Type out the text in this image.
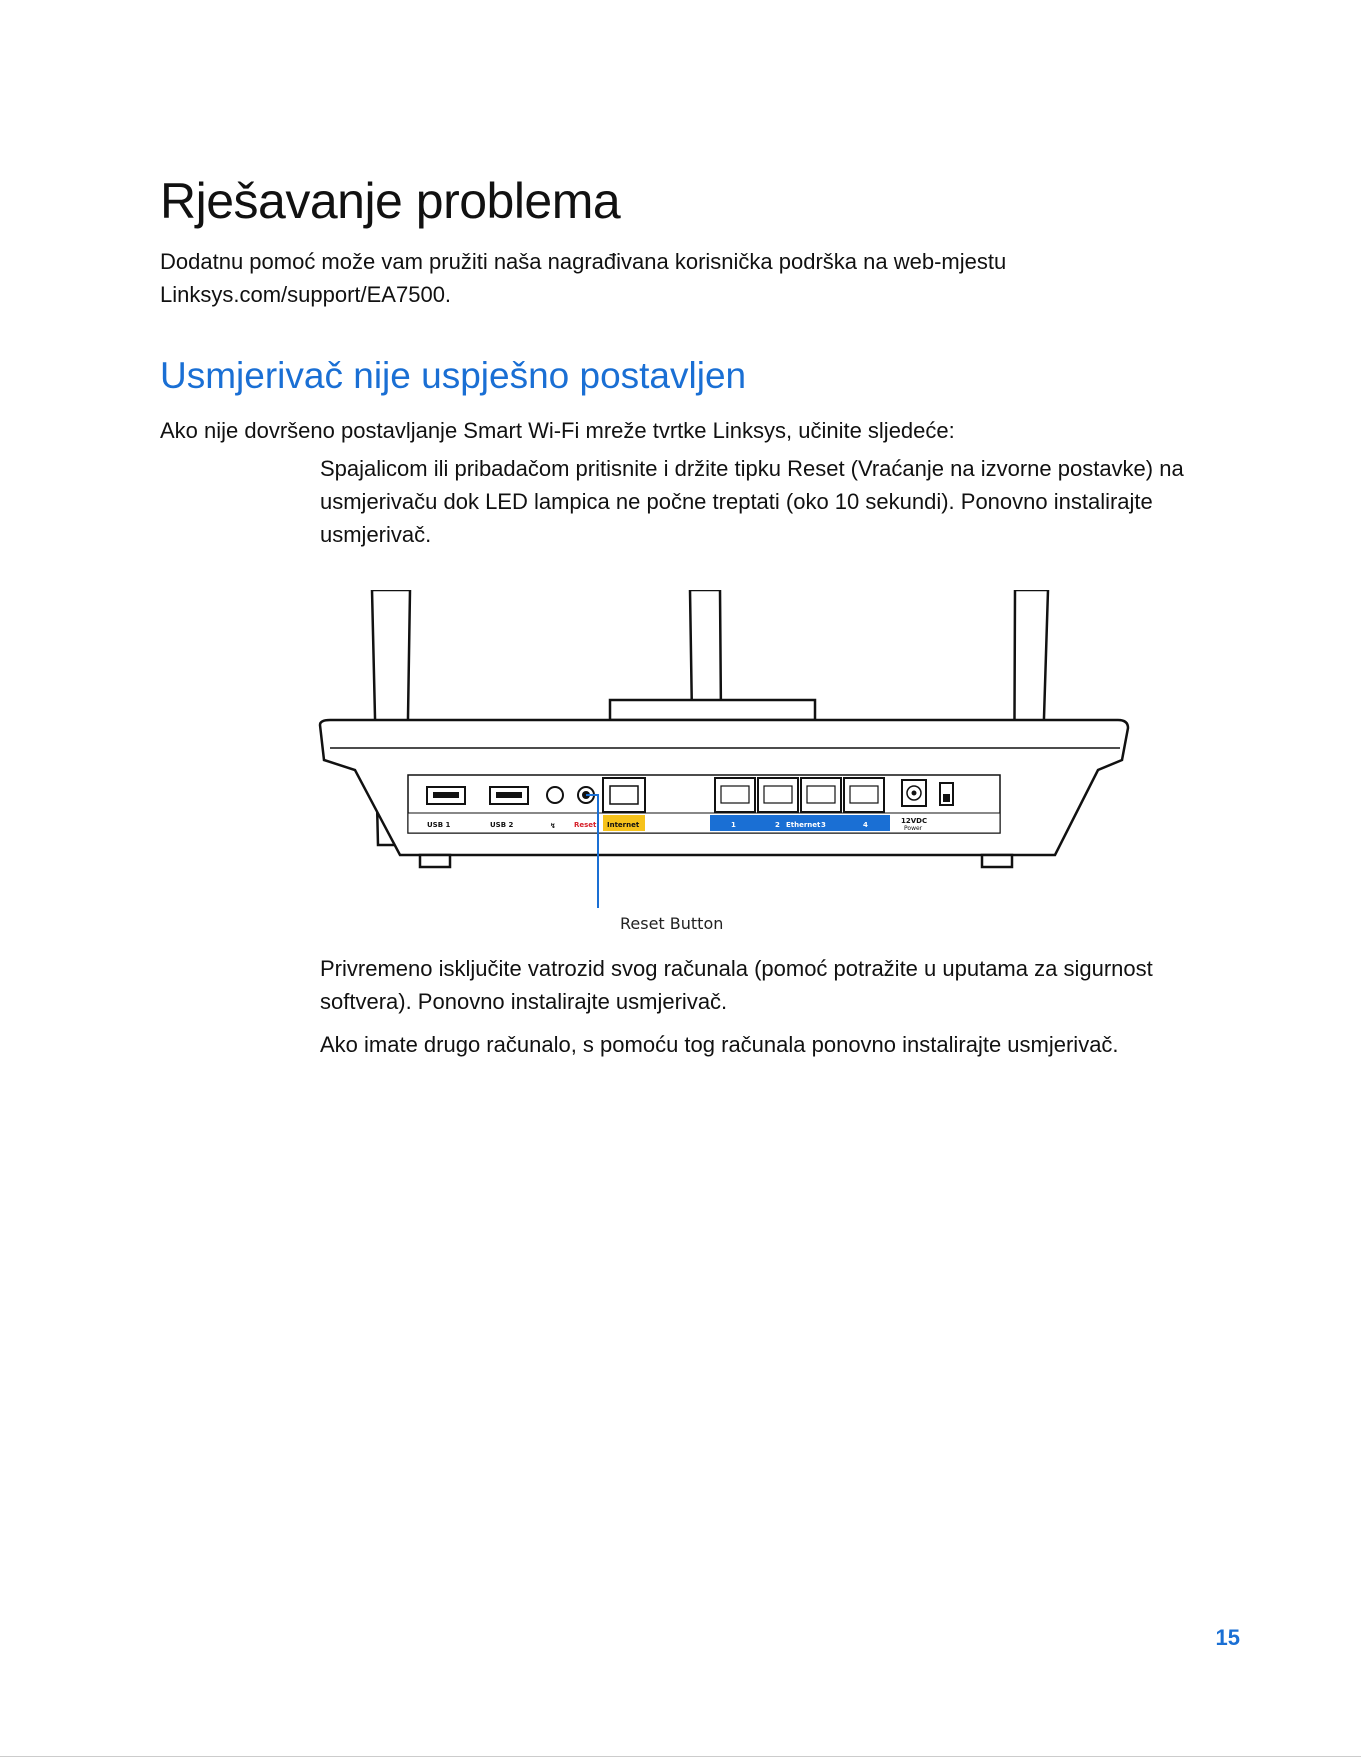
Rješavanje problema

Dodatnu pomoć može vam pružiti naša nagrađivana korisnička podrška na web-mjestu
Linksys.com/support/EA7500.

Usmjerivač nije uspješno postavljen

Ako nije dovršeno postavljanje Smart Wi-Fi mreže tvrtke Linksys, učinite sljedeće:

Spajalicom ili pribadačom pritisnite i držite tipku Reset (Vraćanje na izvorne postavke) na usmjerivaču dok LED lampica ne počne treptati (oko 10 sekundi). Ponovno instalirajte usmjerivač.

USB 1	USB 2	↯	Reset Internet	1	2 Ethernet 3	4	12VDC
Power
Reset Button

Privremeno isključite vatrozid svog računala (pomoć potražite u uputama za sigurnost softvera). Ponovno instalirajte usmjerivač.

Ako imate drugo računalo, s pomoću tog računala ponovno instalirajte usmjerivač.

15
